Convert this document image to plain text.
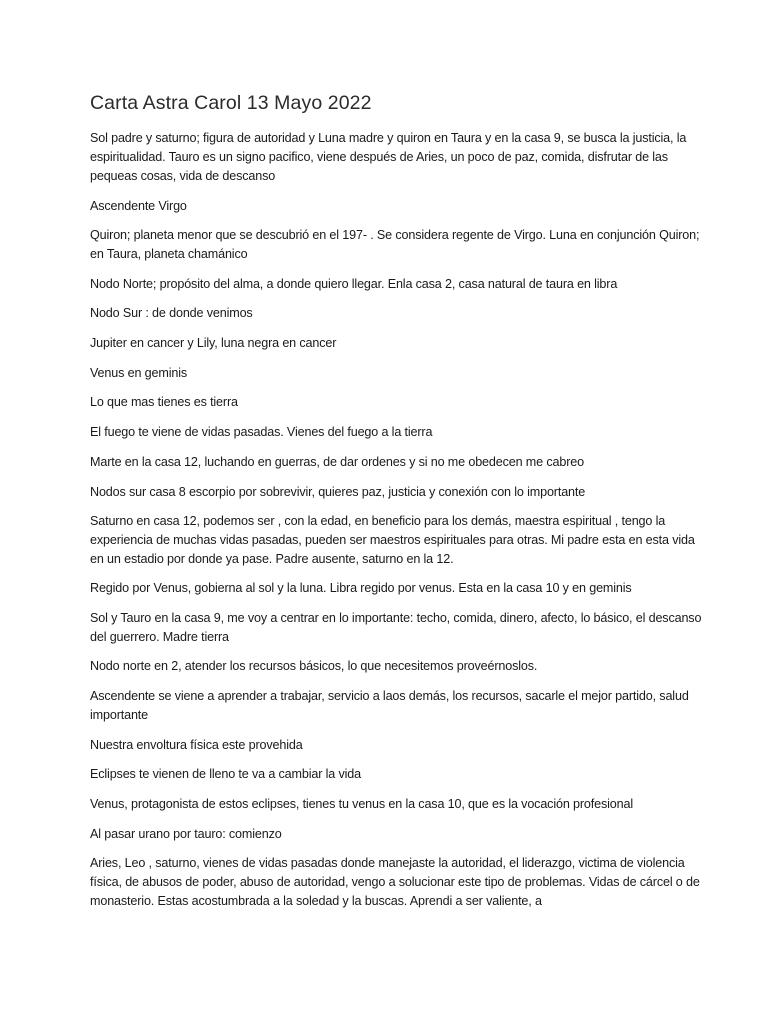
Carta Astra Carol 13 Mayo 2022

Sol padre y saturno; figura de autoridad y Luna madre y quiron en Taura y en la casa 9, se busca la justicia, la espiritualidad. Tauro es un signo pacifico, viene después de Aries, un poco de paz, comida, disfrutar de las pequeas cosas, vida de descanso

Ascendente Virgo

Quiron; planeta menor que se descubrió en el 197- . Se considera regente de Virgo. Luna en conjunción Quiron; en Taura, planeta chamánico

Nodo Norte; propósito del alma, a donde quiero llegar. Enla casa 2, casa natural de taura en libra

Nodo Sur : de donde venimos

Jupiter en cancer y Lily, luna negra en cancer

Venus en geminis

Lo que mas tienes es tierra

El fuego te viene de vidas pasadas. Vienes del fuego a la tierra

Marte en la casa 12, luchando en guerras, de dar ordenes y si no me obedecen me cabreo

Nodos sur casa 8 escorpio por sobrevivir, quieres paz, justicia y conexión con lo importante

Saturno en casa 12, podemos ser , con la edad, en beneficio para los demás, maestra espiritual , tengo la experiencia de muchas vidas pasadas, pueden ser maestros espirituales para otras. Mi padre esta en esta vida en un estadio por donde ya pase. Padre ausente, saturno en la 12.

Regido por Venus, gobierna al sol y la luna. Libra regido por venus. Esta en la casa 10 y en geminis

Sol y Tauro en la casa 9, me voy a centrar en lo importante: techo, comida, dinero, afecto, lo básico, el descanso del guerrero. Madre tierra

Nodo norte en 2, atender los recursos básicos, lo que necesitemos proveérnoslos.

Ascendente se viene a aprender a trabajar, servicio a laos demás, los recursos, sacarle el mejor partido, salud importante

Nuestra envoltura física este provehida

Eclipses te vienen de lleno te va a cambiar la vida

Venus, protagonista de estos eclipses, tienes tu venus en la casa 10, que es la vocación profesional

Al pasar urano por tauro: comienzo

Aries, Leo , saturno, vienes de vidas pasadas donde manejaste la autoridad, el liderazgo, victima de violencia física, de abusos de poder, abuso de autoridad, vengo a solucionar este tipo de problemas. Vidas de cárcel o de monasterio. Estas acostumbrada a la soledad y la buscas. Aprendi a ser valiente, a
